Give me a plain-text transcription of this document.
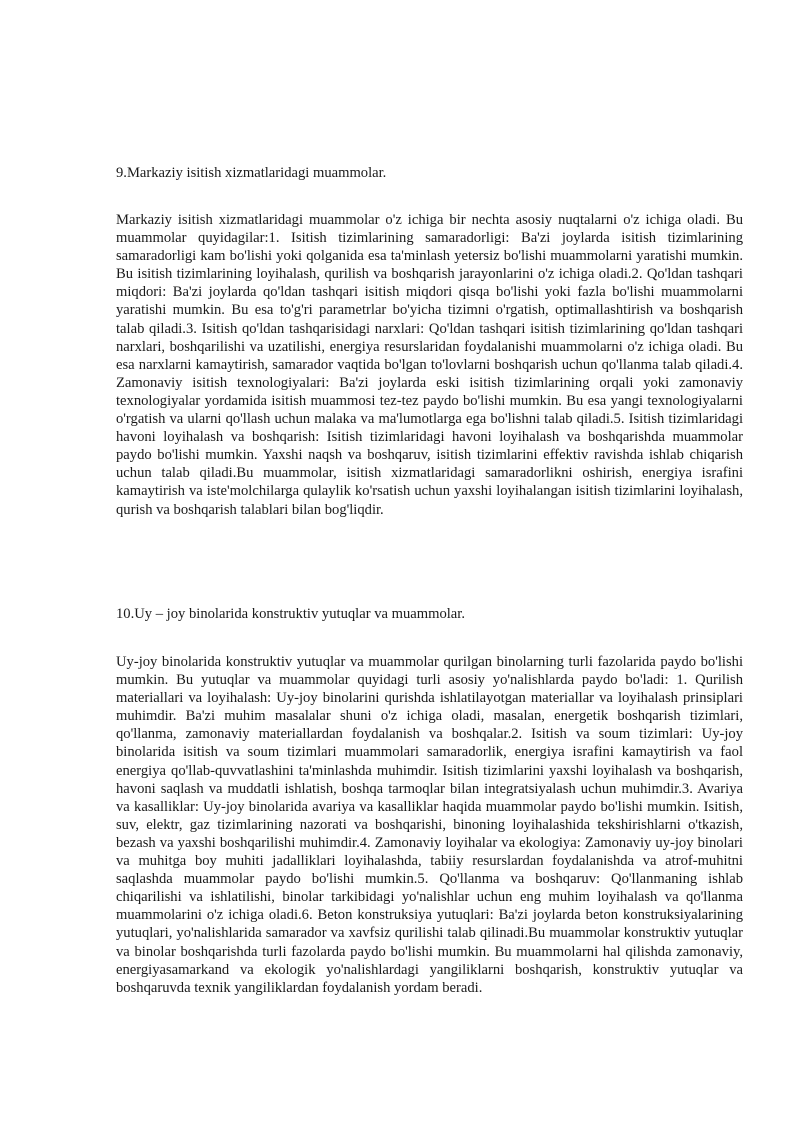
9.Markaziy isitish xizmatlaridagi muammolar.

Markaziy isitish xizmatlaridagi muammolar o'z ichiga bir nechta asosiy nuqtalarni o'z ichiga oladi. Bu muammolar quyidagilar:1. Isitish tizimlarining samaradorligi: Ba'zi joylarda isitish tizimlarining samaradorligi kam bo'lishi yoki qolganida esa ta'minlash yetersiz bo'lishi muammolarni yaratishi mumkin. Bu isitish tizimlarining loyihalash, qurilish va boshqarish jarayonlarini o'z ichiga oladi.2. Qo'ldan tashqari miqdori: Ba'zi joylarda qo'ldan tashqari isitish miqdori qisqa bo'lishi yoki fazla bo'lishi muammolarni yaratishi mumkin. Bu esa to'g'ri parametrlar bo'yicha tizimni o'rgatish, optimallashtirish va boshqarish talab qiladi.3. Isitish qo'ldan tashqarisidagi narxlari: Qo'ldan tashqari isitish tizimlarining qo'ldan tashqari narxlari, boshqarilishi va uzatilishi, energiya resurslaridan foydalanishi muammolarni o'z ichiga oladi. Bu esa narxlarni kamaytirish, samarador vaqtida bo'lgan to'lovlarni boshqarish uchun qo'llanma talab qiladi.4. Zamonaviy isitish texnologiyalari: Ba'zi joylarda eski isitish tizimlarining orqali yoki zamonaviy texnologiyalar yordamida isitish muammosi tez-tez paydo bo'lishi mumkin. Bu esa yangi texnologiyalarni o'rgatish va ularni qo'llash uchun malaka va ma'lumotlarga ega bo'lishni talab qiladi.5. Isitish tizimlaridagi havoni loyihalash va boshqarish: Isitish tizimlaridagi havoni loyihalash va boshqarishda muammolar paydo bo'lishi mumkin. Yaxshi naqsh va boshqaruv, isitish tizimlarini effektiv ravishda ishlab chiqarish uchun talab qiladi.Bu muammolar, isitish xizmatlaridagi samaradorlikni oshirish, energiya israfini kamaytirish va iste'molchilarga qulaylik ko'rsatish uchun yaxshi loyihalangan isitish tizimlarini loyihalash, qurish va boshqarish talablari bilan bog'liqdir.

10.Uy – joy binolarida konstruktiv yutuqlar va muammolar.

Uy-joy binolarida konstruktiv yutuqlar va muammolar qurilgan binolarning turli fazolarida paydo bo'lishi mumkin. Bu yutuqlar va muammolar quyidagi turli asosiy yo'nalishlarda paydo bo'ladi: 1. Qurilish materiallari va loyihalash: Uy-joy binolarini qurishda ishlatilayotgan materiallar va loyihalash prinsiplari muhimdir. Ba'zi muhim masalalar shuni o'z ichiga oladi, masalan, energetik boshqarish tizimlari, qo'llanma, zamonaviy materiallardan foydalanish va boshqalar.2. Isitish va soum tizimlari: Uy-joy binolarida isitish va soum tizimlari muammolari samaradorlik, energiya israfini kamaytirish va faol energiya qo'llab-quvvatlashini ta'minlashda muhimdir. Isitish tizimlarini yaxshi loyihalash va boshqarish, havoni saqlash va muddatli ishlatish, boshqa tarmoqlar bilan integratsiyalash uchun muhimdir.3. Avariya va kasalliklar: Uy-joy binolarida avariya va kasalliklar haqida muammolar paydo bo'lishi mumkin. Isitish, suv, elektr, gaz tizimlarining nazorati va boshqarishi, binoning loyihalashida tekshirishlarni o'tkazish, bezash va yaxshi boshqarilishi muhimdir.4. Zamonaviy loyihalar va ekologiya: Zamonaviy uy-joy binolari va muhitga boy muhiti jadalliklari loyihalashda, tabiiy resurslardan foydalanishda va atrof-muhitni saqlashda muammolar paydo bo'lishi mumkin.5. Qo'llanma va boshqaruv: Qo'llanmaning ishlab chiqarilishi va ishlatilishi, binolar tarkibidagi yo'nalishlar uchun eng muhim loyihalash va qo'llanma muammolarini o'z ichiga oladi.6. Beton konstruksiya yutuqlari: Ba'zi joylarda beton konstruksiyalarining yutuqlari, yo'nalishlarida samarador va xavfsiz qurilishi talab qilinadi.Bu muammolar konstruktiv yutuqlar va binolar boshqarishda turli fazolarda paydo bo'lishi mumkin. Bu muammolarni hal qilishda zamonaviy, energiyasamarkand va ekologik yo'nalishlardagi yangiliklarni boshqarish, konstruktiv yutuqlar va boshqaruvda texnik yangiliklardan foydalanish yordam beradi.
